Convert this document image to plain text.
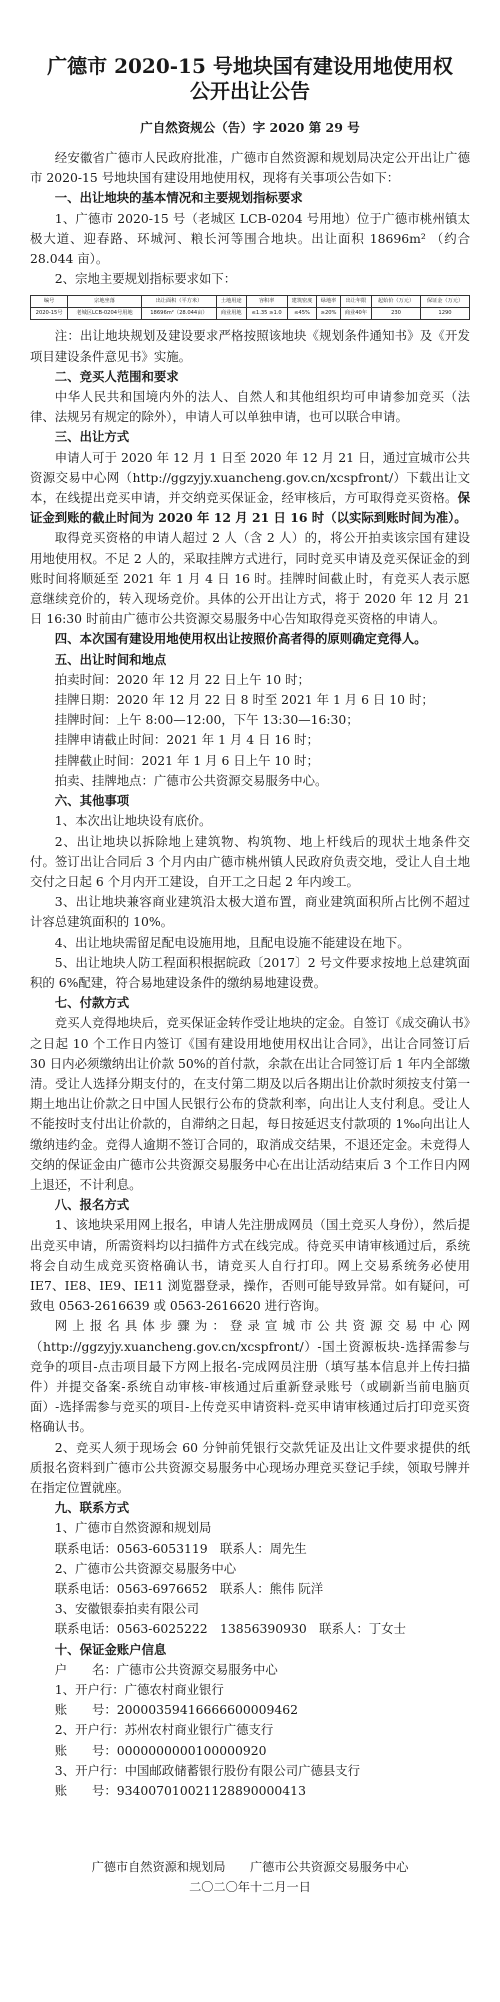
广德市 2020-15 号地块国有建设用地使用权
公开出让公告
广自然资规公（告）字 2020 第 29 号

经安徽省广德市人民政府批准，广德市自然资源和规划局决定公开出让广德市 2020-15 号地块国有建设用地使用权，现将有关事项公告如下：

一、出让地块的基本情况和主要规划指标要求

1、广德市 2020-15 号（老城区 LCB-0204 号用地）位于广德市桃州镇太极大道、迎春路、环城河、粮长河等围合地块。出让面积 18696m² （约合 28.044 亩）。

2、宗地主要规划指标要求如下：

编号	宗地坐落	出让面积（平方米）	土地用途	容积率	建筑密度	绿地率	出让年限	起始价（万元）	保证金（万元）
2020-15号	老城区LCB-0204号用地	18696m²（28.044亩）	商业用地	≤1.35 ≥1.0	≤45%	≥20%	商业40年	230	1290

注：出让地块规划及建设要求严格按照该地块《规划条件通知书》及《开发项目建设条件意见书》实施。

二、竞买人范围和要求

中华人民共和国境内外的法人、自然人和其他组织均可申请参加竞买（法律、法规另有规定的除外），申请人可以单独申请，也可以联合申请。

三、出让方式

申请人可于 2020 年 12 月 1 日至 2020 年 12 月 21 日，通过宣城市公共资源交易中心网（http://ggzyjy.xuancheng.gov.cn/xcspfront/）下载出让文本，在线提出竞买申请，并交纳竞买保证金，经审核后，方可取得竞买资格。保证金到账的截止时间为 2020 年 12 月 21 日 16 时（以实际到账时间为准）。

取得竞买资格的申请人超过 2 人（含 2 人）的，将公开拍卖该宗国有建设用地使用权。不足 2 人的，采取挂牌方式进行，同时竞买申请及竞买保证金的到账时间将顺延至 2021 年 1 月 4 日 16 时。挂牌时间截止时，有竞买人表示愿意继续竞价的，转入现场竞价。具体的公开出让方式，将于 2020 年 12 月 21 日 16:30 时前由广德市公共资源交易服务中心告知取得竞买资格的申请人。

四、本次国有建设用地使用权出让按照价高者得的原则确定竞得人。

五、出让时间和地点

拍卖时间：2020 年 12 月 22 日上午 10 时；

挂牌日期：2020 年 12 月 22 日 8 时至 2021 年 1 月 6 日 10 时；

挂牌时间：上午 8:00—12:00，下午 13:30—16:30；

挂牌申请截止时间：2021 年 1 月 4 日 16 时；

挂牌截止时间：2021 年 1 月 6 日上午 10 时；

拍卖、挂牌地点：广德市公共资源交易服务中心。

六、其他事项

1、本次出让地块设有底价。

2、出让地块以拆除地上建筑物、构筑物、地上杆线后的现状土地条件交付。签订出让合同后 3 个月内由广德市桃州镇人民政府负责交地，受让人自土地交付之日起 6 个月内开工建设，自开工之日起 2 年内竣工。

3、出让地块兼容商业建筑沿太极大道布置，商业建筑面积所占比例不超过计容总建筑面积的 10%。

4、出让地块需留足配电设施用地，且配电设施不能建设在地下。

5、出让地块人防工程面积根据皖政〔2017〕2 号文件要求按地上总建筑面积的 6%配建，符合易地建设条件的缴纳易地建设费。

七、付款方式

竞买人竞得地块后，竞买保证金转作受让地块的定金。自签订《成交确认书》之日起 10 个工作日内签订《国有建设用地使用权出让合同》，出让合同签订后 30 日内必须缴纳出让价款 50%的首付款，余款在出让合同签订后 1 年内全部缴清。受让人选择分期支付的，在支付第二期及以后各期出让价款时须按支付第一期土地出让价款之日中国人民银行公布的贷款利率，向出让人支付利息。受让人不能按时支付出让价款的，自滞纳之日起，每日按延迟支付款项的 1‰向出让人缴纳违约金。竞得人逾期不签订合同的，取消成交结果，不退还定金。未竞得人交纳的保证金由广德市公共资源交易服务中心在出让活动结束后 3 个工作日内网上退还，不计利息。

八、报名方式

1、该地块采用网上报名，申请人先注册成网员（国土竞买人身份），然后提出竞买申请，所需资料均以扫描件方式在线完成。待竞买申请审核通过后，系统将会自动生成竞买资格确认书，请竞买人自行打印。网上交易系统务必使用 IE7、IE8、IE9、IE11 浏览器登录，操作，否则可能导致异常。如有疑问，可致电 0563-2616639 或 0563-2616620 进行咨询。

网上报名具体步骤为：登录宣城市公共资源交易中心网（http://ggzyjy.xuancheng.gov.cn/xcspfront/）-国土资源板块-选择需参与竞争的项目-点击项目最下方网上报名-完成网员注册（填写基本信息并上传扫描件）并提交备案-系统自动审核-审核通过后重新登录账号（或刷新当前电脑页面）-选择需参与竞买的项目-上传竞买申请资料-竞买申请审核通过后打印竞买资格确认书。

2、竞买人须于现场会 60 分钟前凭银行交款凭证及出让文件要求提供的纸质报名资料到广德市公共资源交易服务中心现场办理竞买登记手续，领取号牌并在指定位置就座。

九、联系方式

1、广德市自然资源和规划局

联系电话：0563-6053119　联系人：周先生

2、广德市公共资源交易服务中心

联系电话：0563-6976652　联系人：熊伟 阮洋

3、安徽银泰拍卖有限公司

联系电话：0563-6025222　13856390930　联系人：丁女士

十、保证金账户信息

户　　名：广德市公共资源交易服务中心

1、开户行：广德农村商业银行

账　　号：20000359416666600009462

2、开户行：苏州农村商业银行广德支行

账　　号：0000000000100000920

3、开户行：中国邮政储蓄银行股份有限公司广德县支行

账　　号：934007010021128890000413

广德市自然资源和规划局　　广德市公共资源交易服务中心
二〇二〇年十二月一日
